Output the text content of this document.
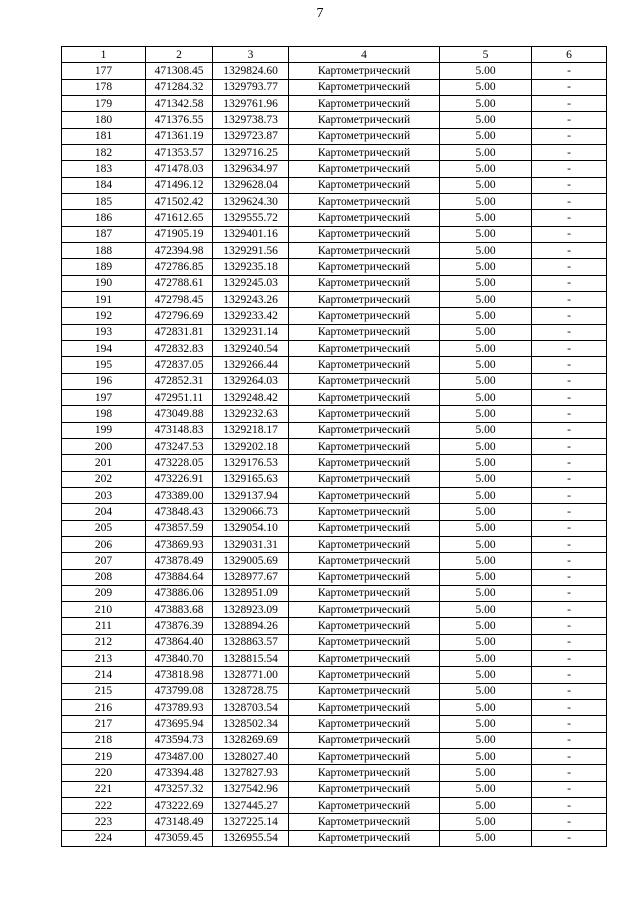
7
1	2	3	4	5	6
177	471308.45	1329824.60	Картометрический	5.00	-
178	471284.32	1329793.77	Картометрический	5.00	-
179	471342.58	1329761.96	Картометрический	5.00	-
180	471376.55	1329738.73	Картометрический	5.00	-
181	471361.19	1329723.87	Картометрический	5.00	-
182	471353.57	1329716.25	Картометрический	5.00	-
183	471478.03	1329634.97	Картометрический	5.00	-
184	471496.12	1329628.04	Картометрический	5.00	-
185	471502.42	1329624.30	Картометрический	5.00	-
186	471612.65	1329555.72	Картометрический	5.00	-
187	471905.19	1329401.16	Картометрический	5.00	-
188	472394.98	1329291.56	Картометрический	5.00	-
189	472786.85	1329235.18	Картометрический	5.00	-
190	472788.61	1329245.03	Картометрический	5.00	-
191	472798.45	1329243.26	Картометрический	5.00	-
192	472796.69	1329233.42	Картометрический	5.00	-
193	472831.81	1329231.14	Картометрический	5.00	-
194	472832.83	1329240.54	Картометрический	5.00	-
195	472837.05	1329266.44	Картометрический	5.00	-
196	472852.31	1329264.03	Картометрический	5.00	-
197	472951.11	1329248.42	Картометрический	5.00	-
198	473049.88	1329232.63	Картометрический	5.00	-
199	473148.83	1329218.17	Картометрический	5.00	-
200	473247.53	1329202.18	Картометрический	5.00	-
201	473228.05	1329176.53	Картометрический	5.00	-
202	473226.91	1329165.63	Картометрический	5.00	-
203	473389.00	1329137.94	Картометрический	5.00	-
204	473848.43	1329066.73	Картометрический	5.00	-
205	473857.59	1329054.10	Картометрический	5.00	-
206	473869.93	1329031.31	Картометрический	5.00	-
207	473878.49	1329005.69	Картометрический	5.00	-
208	473884.64	1328977.67	Картометрический	5.00	-
209	473886.06	1328951.09	Картометрический	5.00	-
210	473883.68	1328923.09	Картометрический	5.00	-
211	473876.39	1328894.26	Картометрический	5.00	-
212	473864.40	1328863.57	Картометрический	5.00	-
213	473840.70	1328815.54	Картометрический	5.00	-
214	473818.98	1328771.00	Картометрический	5.00	-
215	473799.08	1328728.75	Картометрический	5.00	-
216	473789.93	1328703.54	Картометрический	5.00	-
217	473695.94	1328502.34	Картометрический	5.00	-
218	473594.73	1328269.69	Картометрический	5.00	-
219	473487.00	1328027.40	Картометрический	5.00	-
220	473394.48	1327827.93	Картометрический	5.00	-
221	473257.32	1327542.96	Картометрический	5.00	-
222	473222.69	1327445.27	Картометрический	5.00	-
223	473148.49	1327225.14	Картометрический	5.00	-
224	473059.45	1326955.54	Картометрический	5.00	-
